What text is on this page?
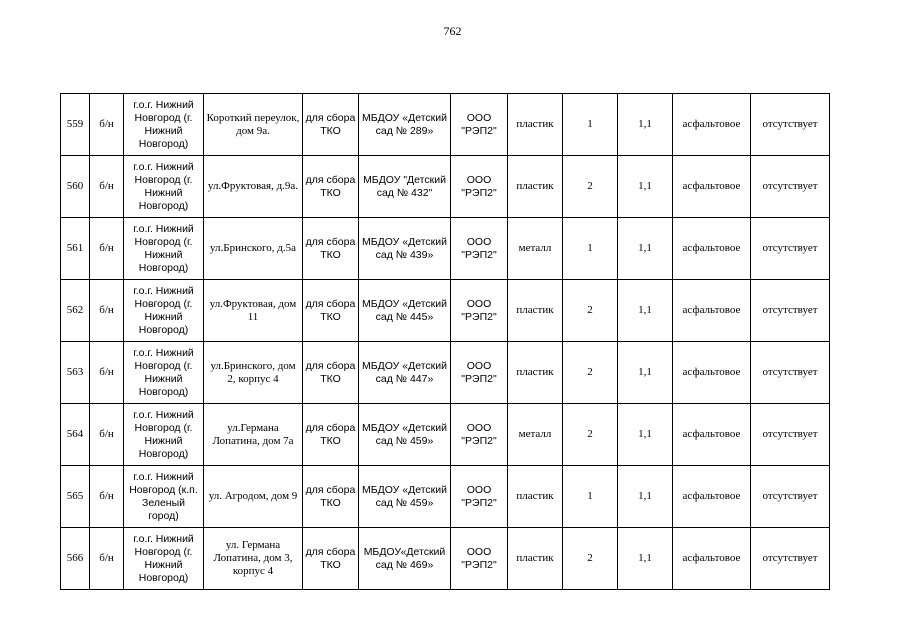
762
559	б/н	г.о.г. Нижний Новгород (г. Нижний Новгород)	Короткий переулок, дом 9а.	для сбора ТКО	МБДОУ «Детский сад № 289»	ООО "РЭП2"	пластик	1	1,1	асфальтовое	отсутствует
560	б/н	г.о.г. Нижний Новгород (г. Нижний Новгород)	ул.Фруктовая, д.9а.	для сбора ТКО	МБДОУ "Детский сад № 432"	ООО "РЭП2"	пластик	2	1,1	асфальтовое	отсутствует
561	б/н	г.о.г. Нижний Новгород (г. Нижний Новгород)	ул.Бринского, д.5а	для сбора ТКО	МБДОУ «Детский сад № 439»	ООО "РЭП2"	металл	1	1,1	асфальтовое	отсутствует
562	б/н	г.о.г. Нижний Новгород (г. Нижний Новгород)	ул.Фруктовая, дом 11	для сбора ТКО	МБДОУ «Детский сад № 445»	ООО "РЭП2"	пластик	2	1,1	асфальтовое	отсутствует
563	б/н	г.о.г. Нижний Новгород (г. Нижний Новгород)	ул.Бринского, дом 2, корпус 4	для сбора ТКО	МБДОУ «Детский сад № 447»	ООО "РЭП2"	пластик	2	1,1	асфальтовое	отсутствует
564	б/н	г.о.г. Нижний Новгород (г. Нижний Новгород)	ул.Германа Лопатина, дом 7а	для сбора ТКО	МБДОУ «Детский сад № 459»	ООО "РЭП2"	металл	2	1,1	асфальтовое	отсутствует
565	б/н	г.о.г. Нижний Новгород (к.п. Зеленый город)	ул. Агродом, дом 9	для сбора ТКО	МБДОУ «Детский сад № 459»	ООО "РЭП2"	пластик	1	1,1	асфальтовое	отсутствует
566	б/н	г.о.г. Нижний Новгород (г. Нижний Новгород)	ул. Германа Лопатина, дом 3, корпус 4	для сбора ТКО	МБДОУ«Детский сад № 469»	ООО "РЭП2"	пластик	2	1,1	асфальтовое	отсутствует
